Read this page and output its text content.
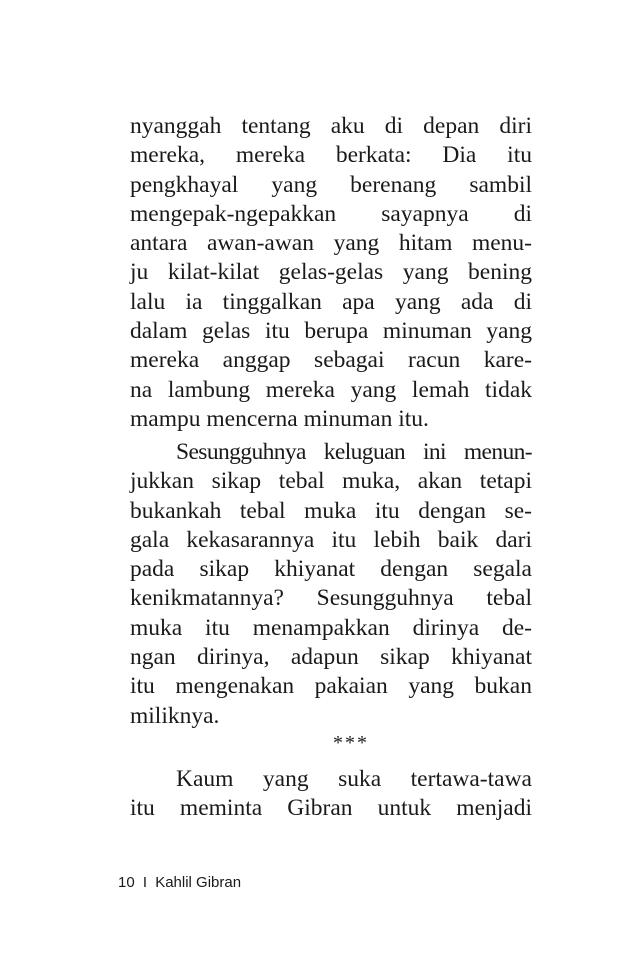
nyanggah tentang aku di depan diri
mereka, mereka berkata: Dia itu
pengkhayal yang berenang sambil
mengepak-ngepakkan sayapnya di
antara awan-awan yang hitam menu-
ju kilat-kilat gelas-gelas yang bening
lalu ia tinggalkan apa yang ada di
dalam gelas itu berupa minuman yang
mereka anggap sebagai racun kare-
na lambung mereka yang lemah tidak
mampu mencerna minuman itu.
Sesungguhnya keluguan ini menun-
jukkan sikap tebal muka, akan tetapi
bukankah tebal muka itu dengan se-
gala kekasarannya itu lebih baik dari
pada sikap khiyanat dengan segala
kenikmatannya? Sesungguhnya tebal
muka itu menampakkan dirinya de-
ngan dirinya, adapun sikap khiyanat
itu mengenakan pakaian yang bukan
miliknya.
***
Kaum yang suka tertawa-tawa
itu meminta Gibran untuk menjadi
10 I Kahlil Gibran
